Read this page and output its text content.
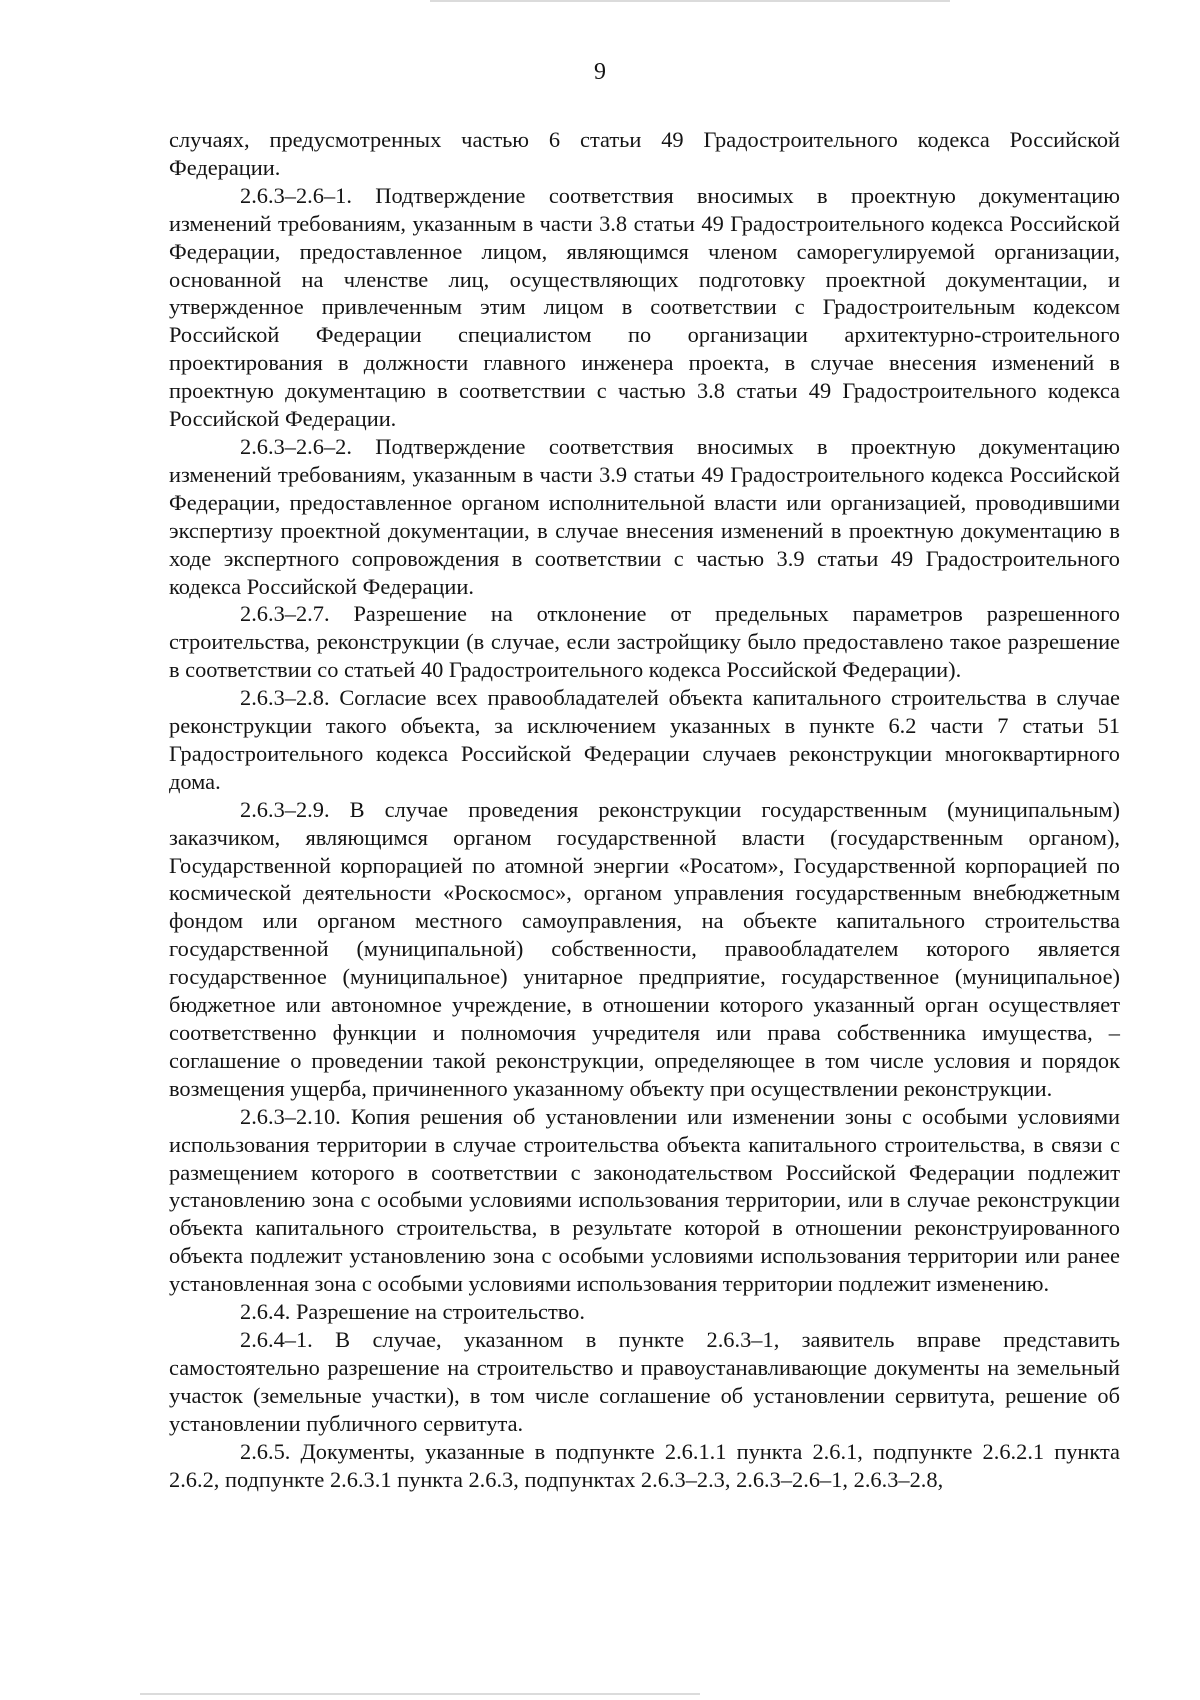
9

случаях, предусмотренных частью 6 статьи 49 Градостроительного кодекса Российской Федерации.

2.6.3–2.6–1. Подтверждение соответствия вносимых в проектную документацию изменений требованиям, указанным в части 3.8 статьи 49 Градостроительного кодекса Российской Федерации, предоставленное лицом, являющимся членом саморегулируемой организации, основанной на членстве лиц, осуществляющих подготовку проектной документации, и утвержденное привлеченным этим лицом в соответствии с Градостроительным кодексом Российской Федерации специалистом по организации архитектурно-строительного проектирования в должности главного инженера проекта, в случае внесения изменений в проектную документацию в соответствии с частью 3.8 статьи 49 Градостроительного кодекса Российской Федерации.

2.6.3–2.6–2. Подтверждение соответствия вносимых в проектную документацию изменений требованиям, указанным в части 3.9 статьи 49 Градостроительного кодекса Российской Федерации, предоставленное органом исполнительной власти или организацией, проводившими экспертизу проектной документации, в случае внесения изменений в проектную документацию в ходе экспертного сопровождения в соответствии с частью 3.9 статьи 49 Градостроительного кодекса Российской Федерации.

2.6.3–2.7. Разрешение на отклонение от предельных параметров разрешенного строительства, реконструкции (в случае, если застройщику было предоставлено такое разрешение в соответствии со статьей 40 Градостроительного кодекса Российской Федерации).

2.6.3–2.8. Согласие всех правообладателей объекта капитального строительства в случае реконструкции такого объекта, за исключением указанных в пункте 6.2 части 7 статьи 51 Градостроительного кодекса Российской Федерации случаев реконструкции многоквартирного дома.

2.6.3–2.9. В случае проведения реконструкции государственным (муниципальным) заказчиком, являющимся органом государственной власти (государственным органом), Государственной корпорацией по атомной энергии «Росатом», Государственной корпорацией по космической деятельности «Роскосмос», органом управления государственным внебюджетным фондом или органом местного самоуправления, на объекте капитального строительства государственной (муниципальной) собственности, правообладателем которого является государственное (муниципальное) унитарное предприятие, государственное (муниципальное) бюджетное или автономное учреждение, в отношении которого указанный орган осуществляет соответственно функции и полномочия учредителя или права собственника имущества, – соглашение о проведении такой реконструкции, определяющее в том числе условия и порядок возмещения ущерба, причиненного указанному объекту при осуществлении реконструкции.

2.6.3–2.10. Копия решения об установлении или изменении зоны с особыми условиями использования территории в случае строительства объекта капитального строительства, в связи с размещением которого в соответствии с законодательством Российской Федерации подлежит установлению зона с особыми условиями использования территории, или в случае реконструкции объекта капитального строительства, в результате которой в отношении реконструированного объекта подлежит установлению зона с особыми условиями использования территории или ранее установленная зона с особыми условиями использования территории подлежит изменению.

2.6.4. Разрешение на строительство.

2.6.4–1. В случае, указанном в пункте 2.6.3–1, заявитель вправе представить самостоятельно разрешение на строительство и правоустанавливающие документы на земельный участок (земельные участки), в том числе соглашение об установлении сервитута, решение об установлении публичного сервитута.

2.6.5. Документы, указанные в подпункте 2.6.1.1 пункта 2.6.1, подпункте 2.6.2.1 пункта 2.6.2, подпункте 2.6.3.1 пункта 2.6.3, подпунктах 2.6.3–2.3, 2.6.3–2.6–1, 2.6.3–2.8,
